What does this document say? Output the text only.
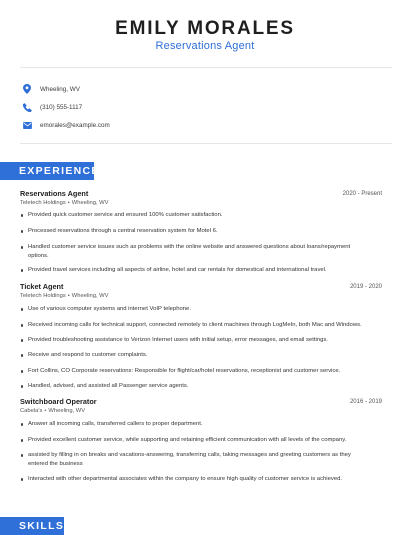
EMILY MORALES
Reservations Agent
Wheeling, WV
(310) 555-1117
emorales@example.com
EXPERIENCE
Reservations Agent	2020 - Present
Teletech Holdings • Wheeling, WV
Provided quick customer service and ensured 100% customer satisfaction.
Processed reservations through a central reservation system for Motel 6.
Handled customer service issues such as problems with the online website and answered questions about loans/repayment options.
Provided travel services including all aspects of airline, hotel and car rentals for domestical and international travel.
Ticket Agent	2019 - 2020
Teletech Holdings • Wheeling, WV
Use of various computer systems and internet VoIP telephone.
Received incoming calls for technical support, connected remotely to client machines through LogMeIn, both Mac and Windows.
Provided troubleshooting assistance to Verizon Internet users with initial setup, error messages, and email settings.
Receive and respond to customer complaints.
Fort Collins, CO Corporate reservations: Responsible for flight/car/hotel reservations, receptionist and customer service.
Handled, advised, and assisted all Passenger service agents.
Switchboard Operator	2016 - 2019
Cabela's • Wheeling, WV
Answer all incoming calls, transferred callers to proper department.
Provided excellent customer service, while supporting and retaining efficient communication with all levels of the company.
assisted by filling in on breaks and vacations-answering, transferring calls, taking messages and greeting customers as they entered the business
Interacted with other departmental associates within the company to ensure high quality of customer service is achieved.
SKILLS
